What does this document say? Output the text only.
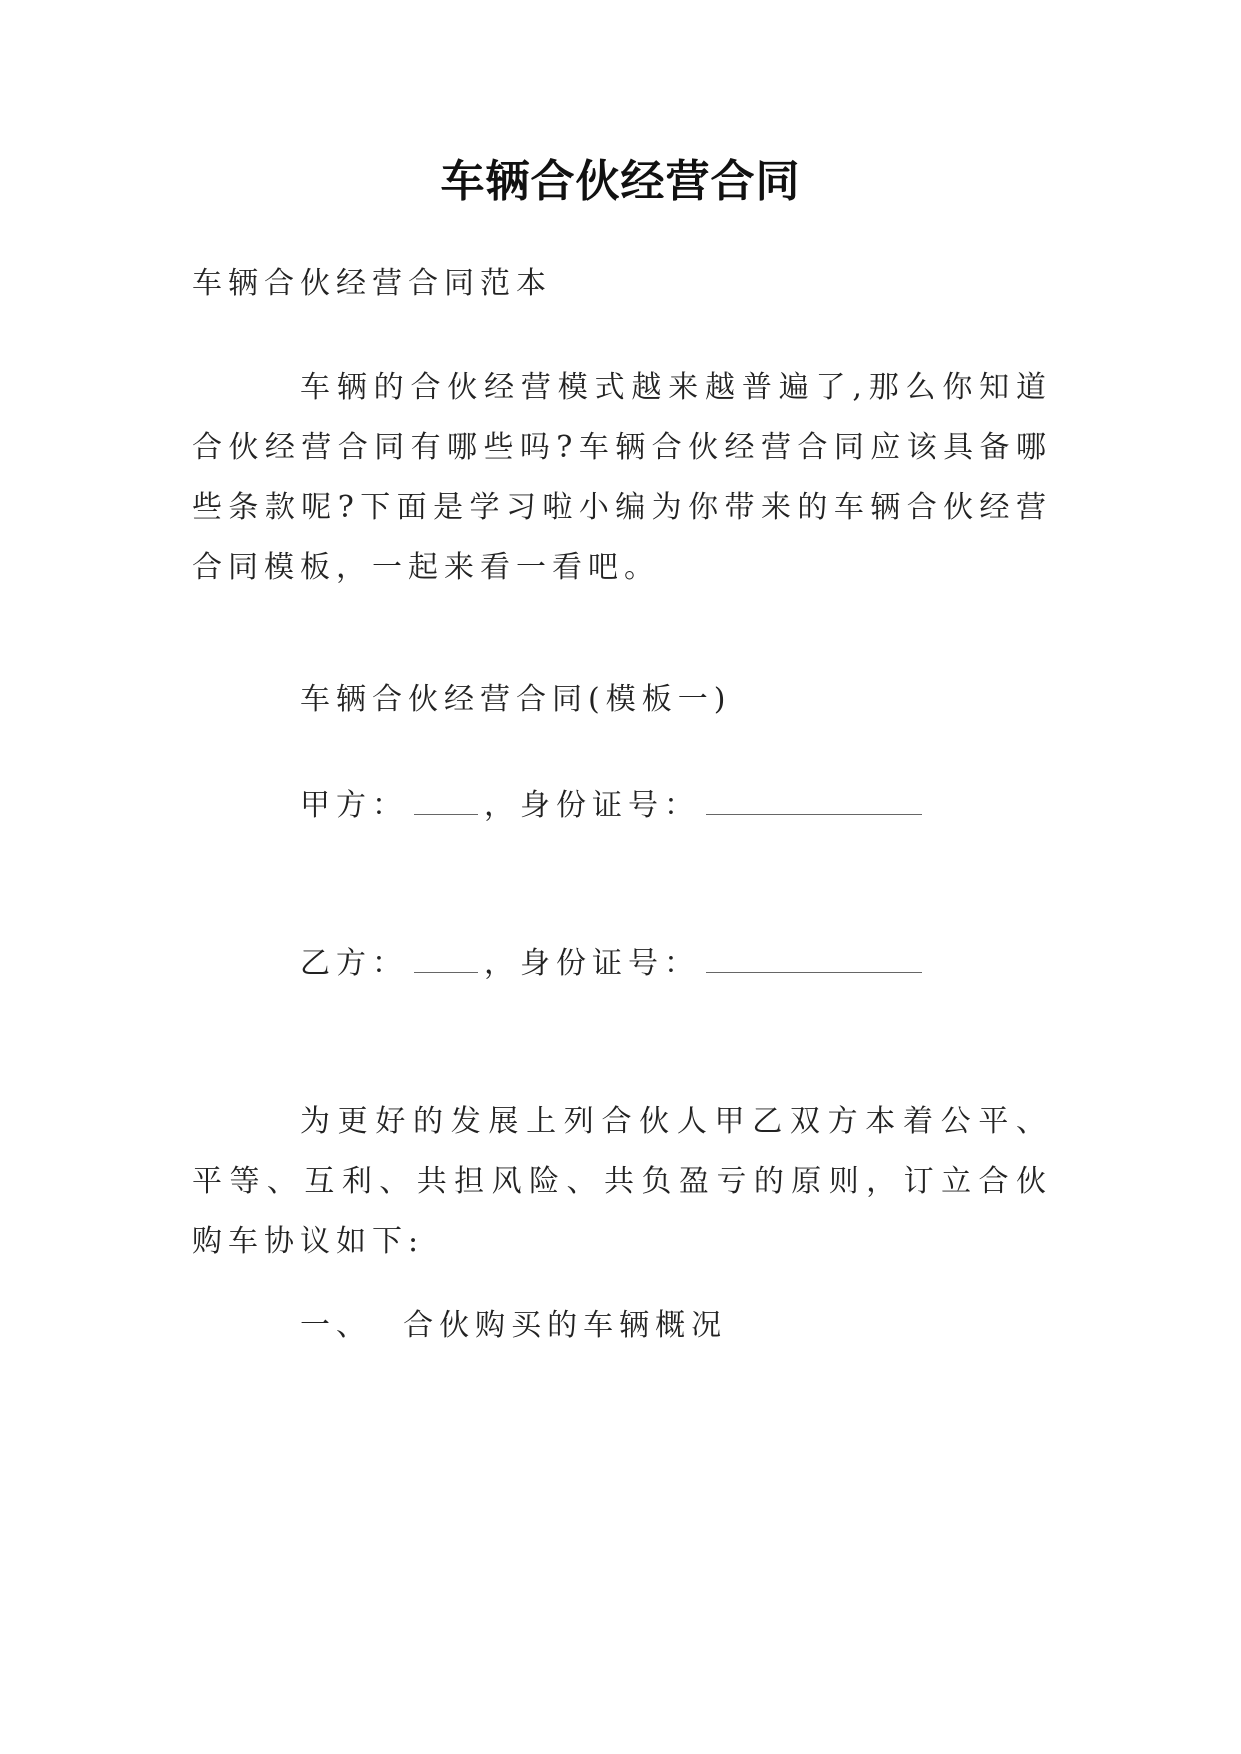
车辆合伙经营合同
车辆合伙经营合同范本
车辆的合伙经营模式越来越普遍了,那么你知道合伙经营合同有哪些吗?车辆合伙经营合同应该具备哪些条款呢?下面是学习啦小编为你带来的车辆合伙经营合同模板，一起来看一看吧。
车辆合伙经营合同(模板一)
甲方：	，身份证号：
乙方：	，身份证号：
为更好的发展上列合伙人甲乙双方本着公平、平等、互利、共担风险、共负盈亏的原则，订立合伙购车协议如下:
一、  合伙购买的车辆概况
